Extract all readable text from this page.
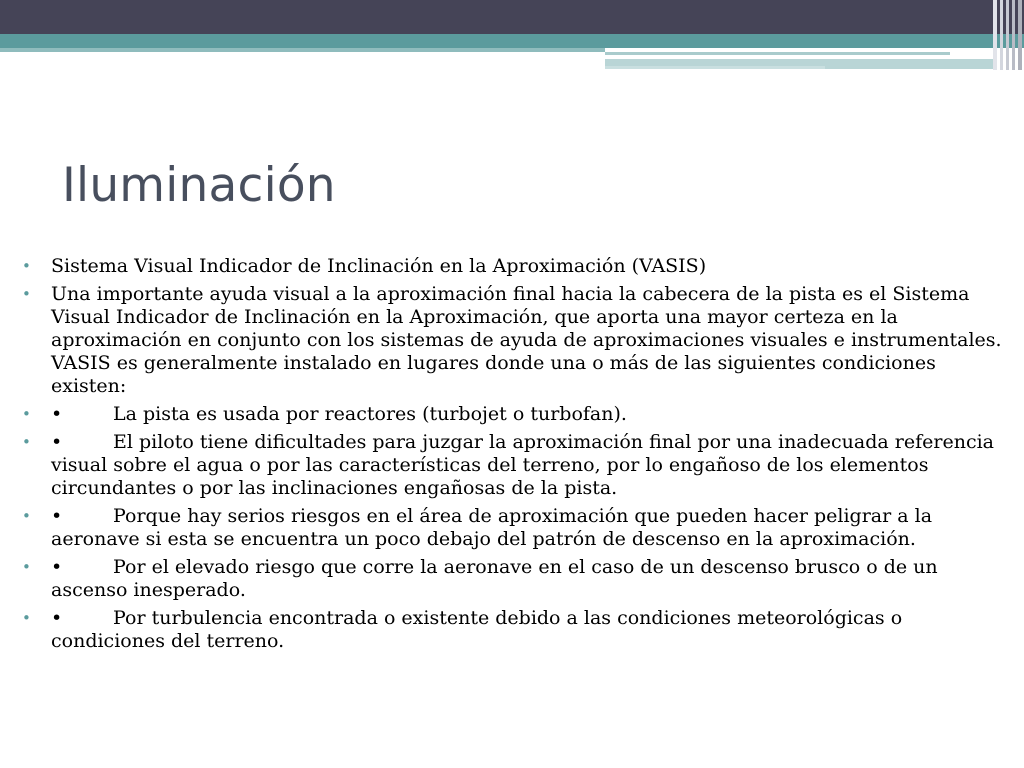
Iluminación
• Sistema Visual Indicador de Inclinación en la Aproximación (VASIS)
• Una importante ayuda visual a la aproximación final hacia la cabecera de la pista es el Sistema Visual Indicador de Inclinación en la Aproximación, que aporta una mayor certeza en la aproximación en conjunto con los sistemas de ayuda de aproximaciones visuales e instrumentales. VASIS es generalmente instalado en lugares donde una o más de las siguientes condiciones existen:
• •	La pista es usada por reactores (turbojet o turbofan).
• •	El piloto tiene dificultades para juzgar la aproximación final por una inadecuada referencia visual sobre el agua o por las características del terreno, por lo engañoso de los elementos circundantes o por las inclinaciones engañosas de la pista.
• •	Porque hay serios riesgos en el área de aproximación que pueden hacer peligrar a la aeronave si esta se encuentra un poco debajo del patrón de descenso en la aproximación.
• •	Por el elevado riesgo que corre la aeronave en el caso de un descenso brusco o de un ascenso inesperado.
• •	Por turbulencia encontrada o existente debido a las condiciones meteorológicas o condiciones del terreno.
